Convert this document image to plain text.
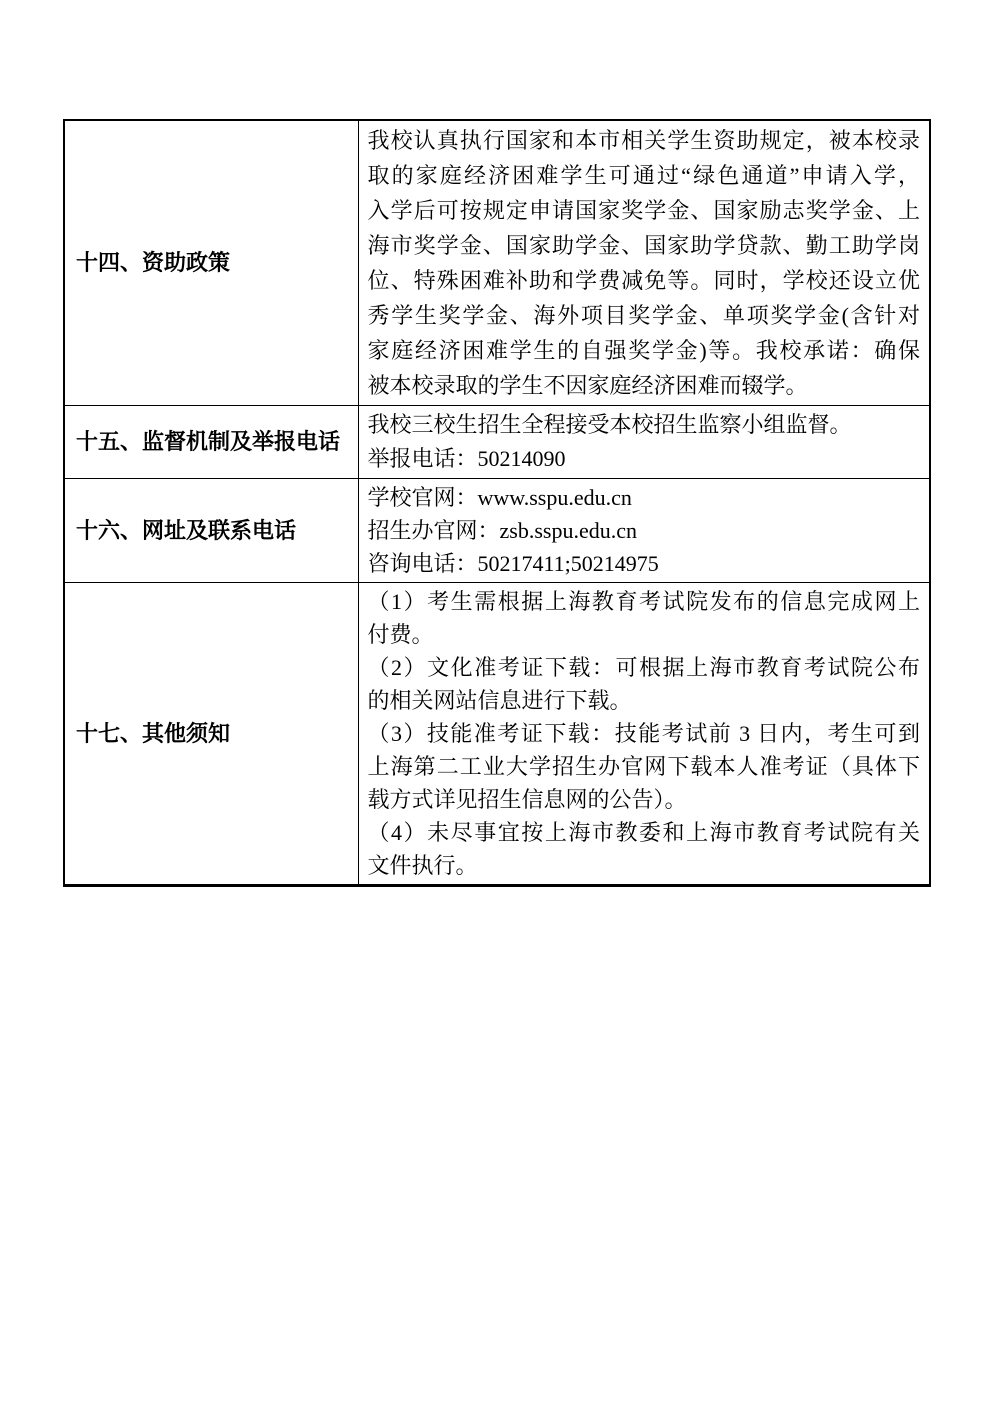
十四、资助政策	
我校认真执行国家和本市相关学生资助规定，被本校录
取的家庭经济困难学生可通过“绿色通道”申请入学，
入学后可按规定申请国家奖学金、国家励志奖学金、上
海市奖学金、国家助学金、国家助学贷款、勤工助学岗
位、特殊困难补助和学费减免等。同时，学校还设立优
秀学生奖学金、海外项目奖学金、单项奖学金(含针对
家庭经济困难学生的自强奖学金)等。我校承诺：确保
被本校录取的学生不因家庭经济困难而辍学。

十五、监督机制及举报电话	我校三校生招生全程接受本校招生监察小组监督。
举报电话：50214090

十六、网址及联系电话	学校官网：www.sspu.edu.cn
招生办官网：zsb.sspu.edu.cn
咨询电话：50217411;50214975

十七、其他须知	
（1）考生需根据上海教育考试院发布的信息完成网上
付费。
（2）文化准考证下载：可根据上海市教育考试院公布
的相关网站信息进行下载。
（3）技能准考证下载：技能考试前 3 日内，考生可到
上海第二工业大学招生办官网下载本人准考证（具体下
载方式详见招生信息网的公告）。
（4）未尽事宜按上海市教委和上海市教育考试院有关
文件执行。
